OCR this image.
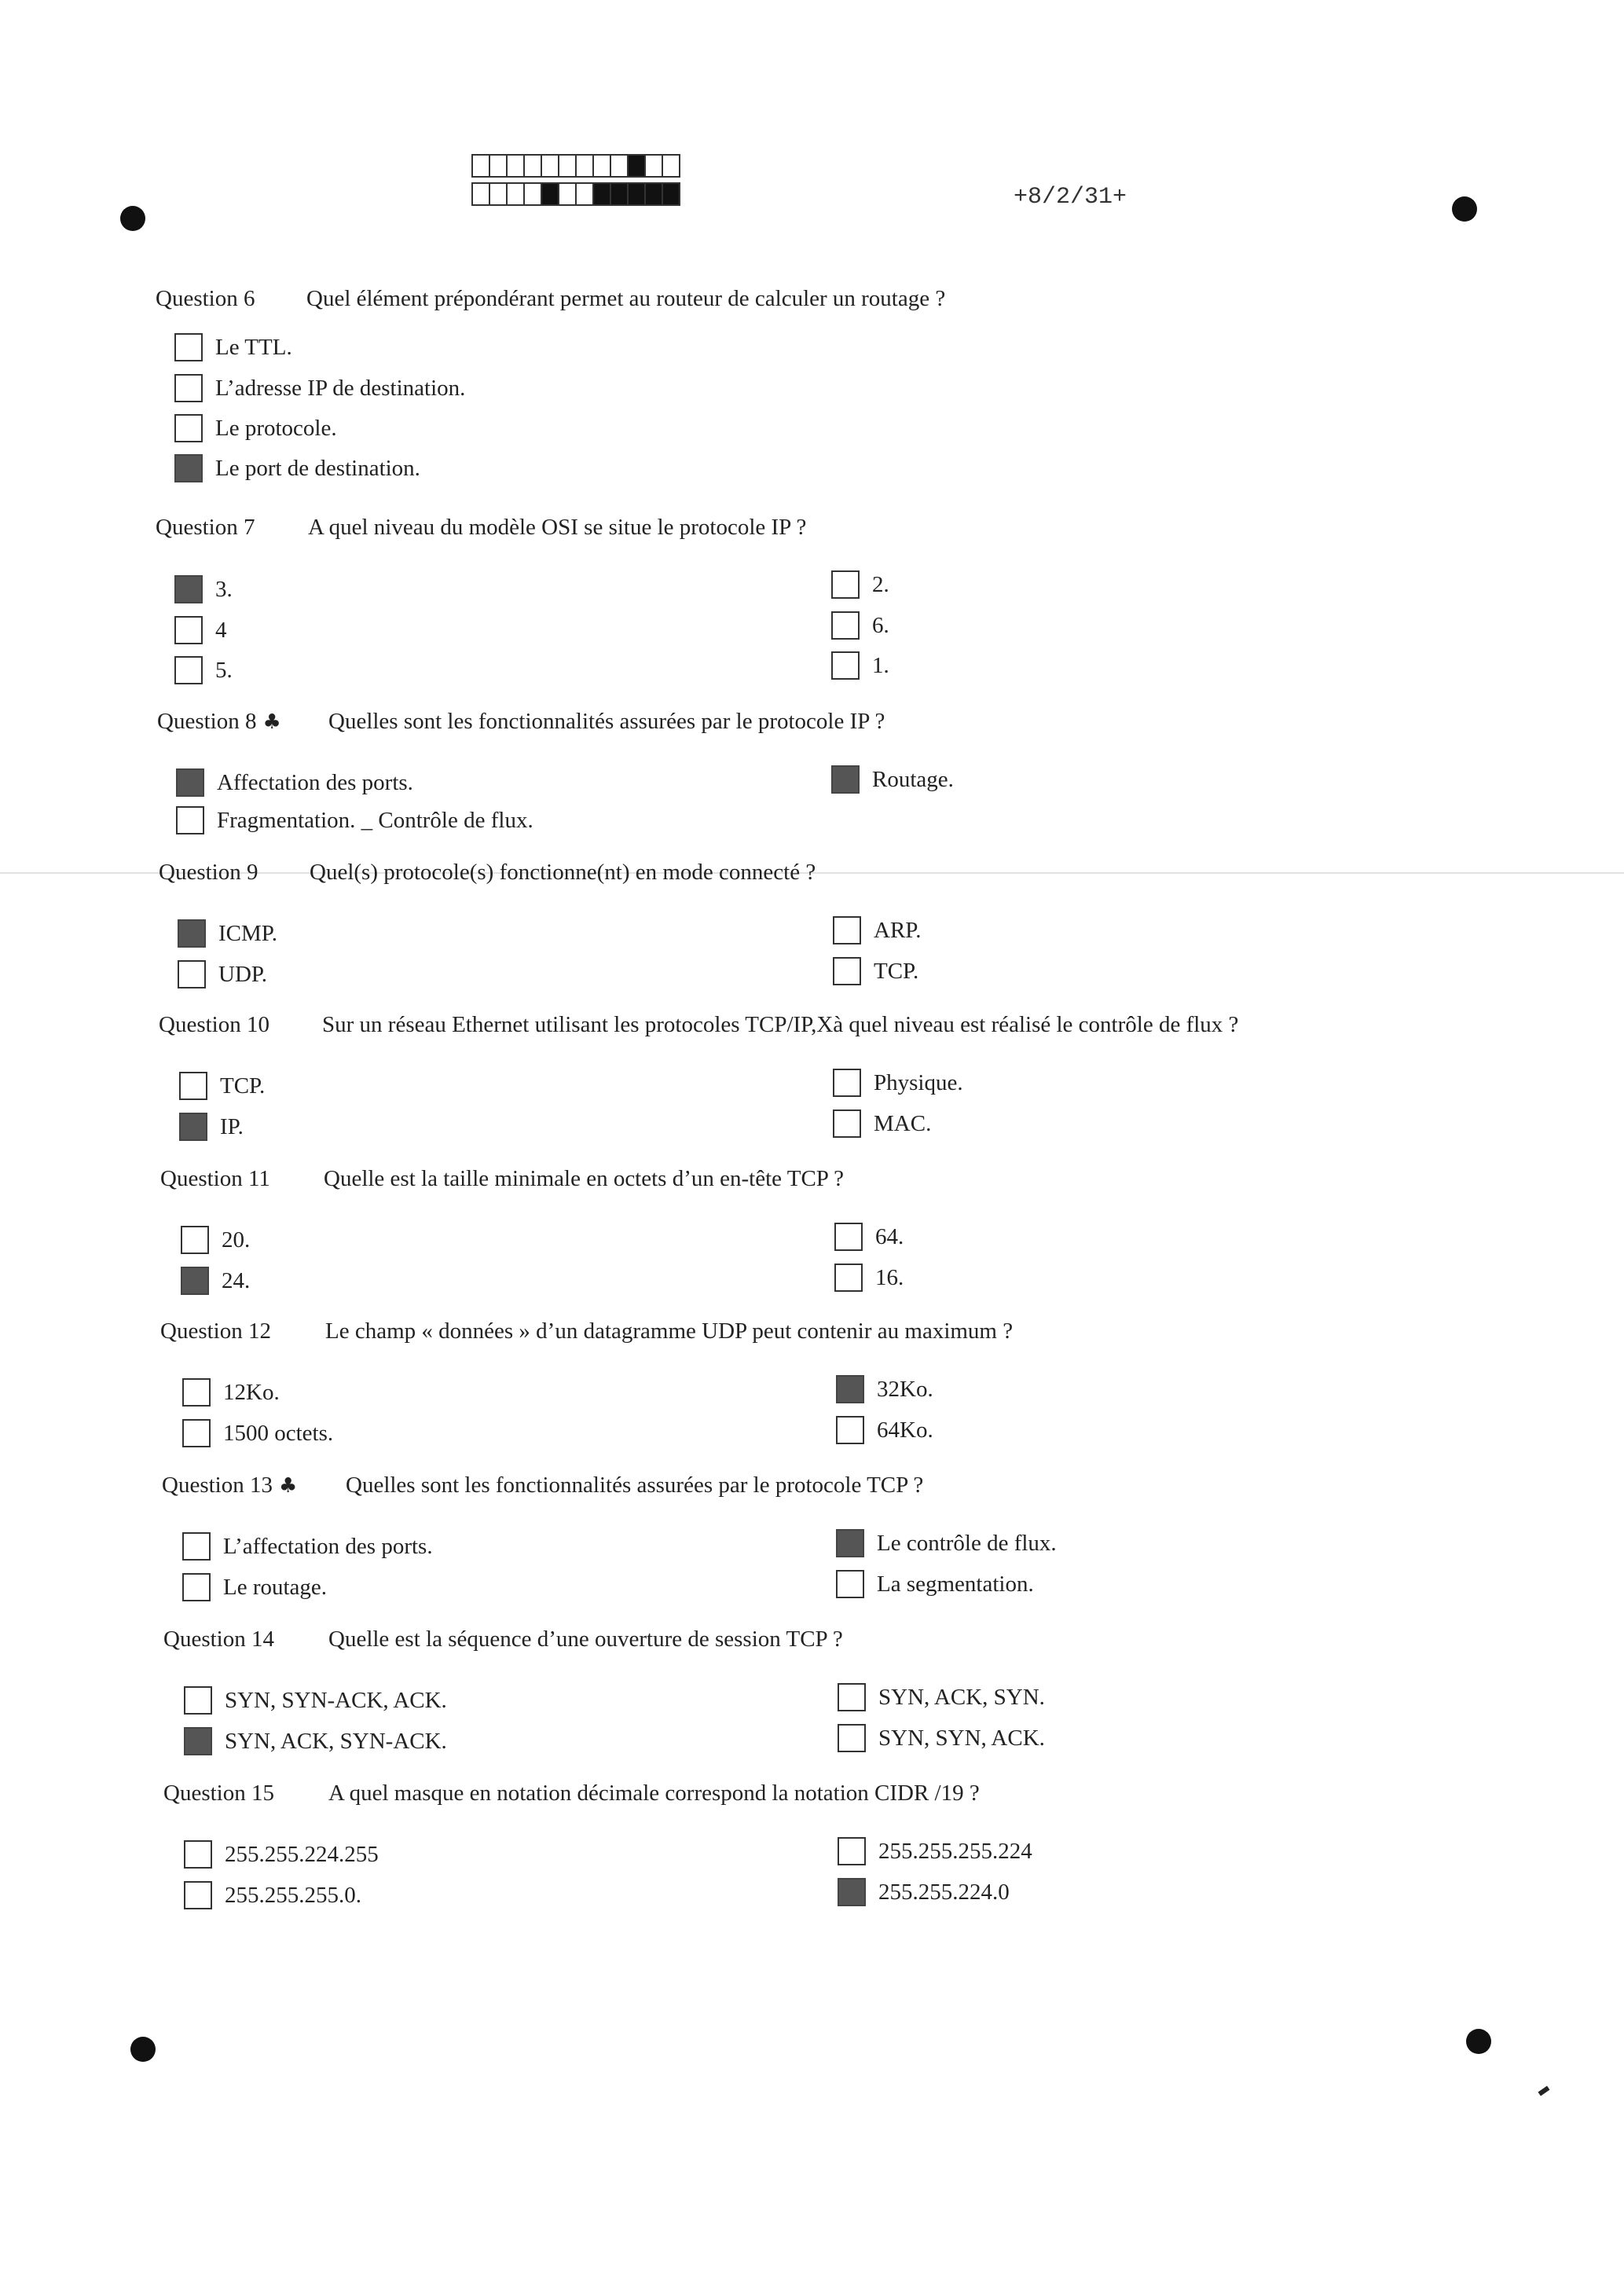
+8/2/31+
Question 6 Quel élément prépondérant permet au routeur de calculer un routage ?
Le TTL.
L’adresse IP de destination.
Le protocole.
Le port de destination.
Question 7 A quel niveau du modèle OSI se situe le protocole IP ?
3.
4
5.
2.
6.
1.
Question 8 ♣ Quelles sont les fonctionnalités assurées par le protocole IP ?
Affectation des ports.
Fragmentation. _ Contrôle de flux.
Routage.
Question 9 Quel(s) protocole(s) fonctionne(nt) en mode connecté ?
ICMP.
UDP.
ARP.
TCP.
Question 10 Sur un réseau Ethernet utilisant les protocoles TCP/IP,Xà quel niveau est réalisé le contrôle de flux ?
TCP.
IP.
Physique.
MAC.
Question 11 Quelle est la taille minimale en octets d’un en-tête TCP ?
20.
24.
64.
16.
Question 12 Le champ « données » d’un datagramme UDP peut contenir au maximum ?
12Ko.
1500 octets.
32Ko.
64Ko.
Question 13 ♣ Quelles sont les fonctionnalités assurées par le protocole TCP ?
L’affectation des ports.
Le routage.
Le contrôle de flux.
La segmentation.
Question 14 Quelle est la séquence d’une ouverture de session TCP ?
SYN, SYN-ACK, ACK.
SYN, ACK, SYN-ACK.
SYN, ACK, SYN.
SYN, SYN, ACK.
Question 15 A quel masque en notation décimale correspond la notation CIDR /19 ?
255.255.224.255
255.255.255.0.
255.255.255.224
255.255.224.0
